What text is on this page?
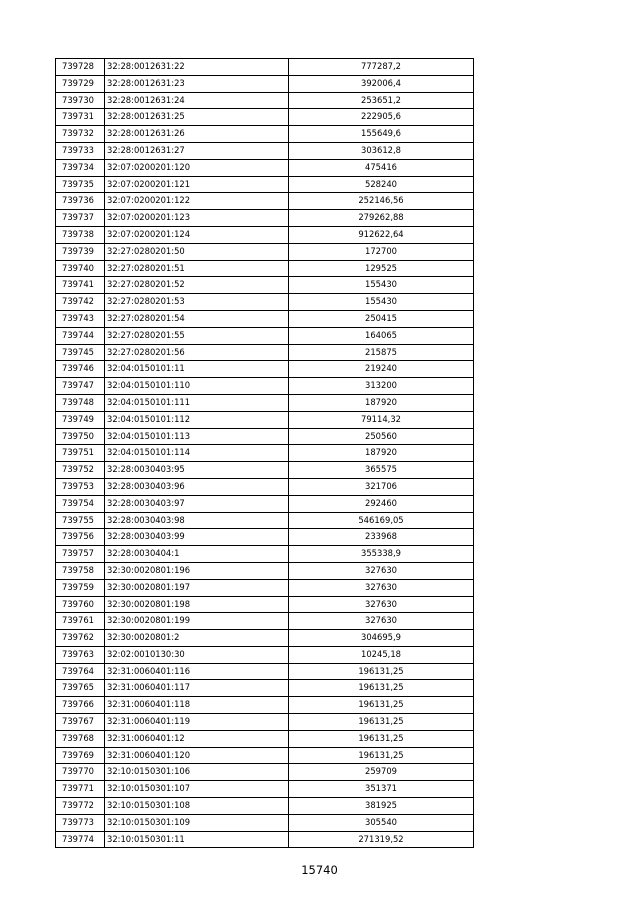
739728	32:28:0012631:22	777287,2
739729	32:28:0012631:23	392006,4
739730	32:28:0012631:24	253651,2
739731	32:28:0012631:25	222905,6
739732	32:28:0012631:26	155649,6
739733	32:28:0012631:27	303612,8
739734	32:07:0200201:120	475416
739735	32:07:0200201:121	528240
739736	32:07:0200201:122	252146,56
739737	32:07:0200201:123	279262,88
739738	32:07:0200201:124	912622,64
739739	32:27:0280201:50	172700
739740	32:27:0280201:51	129525
739741	32:27:0280201:52	155430
739742	32:27:0280201:53	155430
739743	32:27:0280201:54	250415
739744	32:27:0280201:55	164065
739745	32:27:0280201:56	215875
739746	32:04:0150101:11	219240
739747	32:04:0150101:110	313200
739748	32:04:0150101:111	187920
739749	32:04:0150101:112	79114,32
739750	32:04:0150101:113	250560
739751	32:04:0150101:114	187920
739752	32:28:0030403:95	365575
739753	32:28:0030403:96	321706
739754	32:28:0030403:97	292460
739755	32:28:0030403:98	546169,05
739756	32:28:0030403:99	233968
739757	32:28:0030404:1	355338,9
739758	32:30:0020801:196	327630
739759	32:30:0020801:197	327630
739760	32:30:0020801:198	327630
739761	32:30:0020801:199	327630
739762	32:30:0020801:2	304695,9
739763	32:02:0010130:30	10245,18
739764	32:31:0060401:116	196131,25
739765	32:31:0060401:117	196131,25
739766	32:31:0060401:118	196131,25
739767	32:31:0060401:119	196131,25
739768	32:31:0060401:12	196131,25
739769	32:31:0060401:120	196131,25
739770	32:10:0150301:106	259709
739771	32:10:0150301:107	351371
739772	32:10:0150301:108	381925
739773	32:10:0150301:109	305540
739774	32:10:0150301:11	271319,52
15740
